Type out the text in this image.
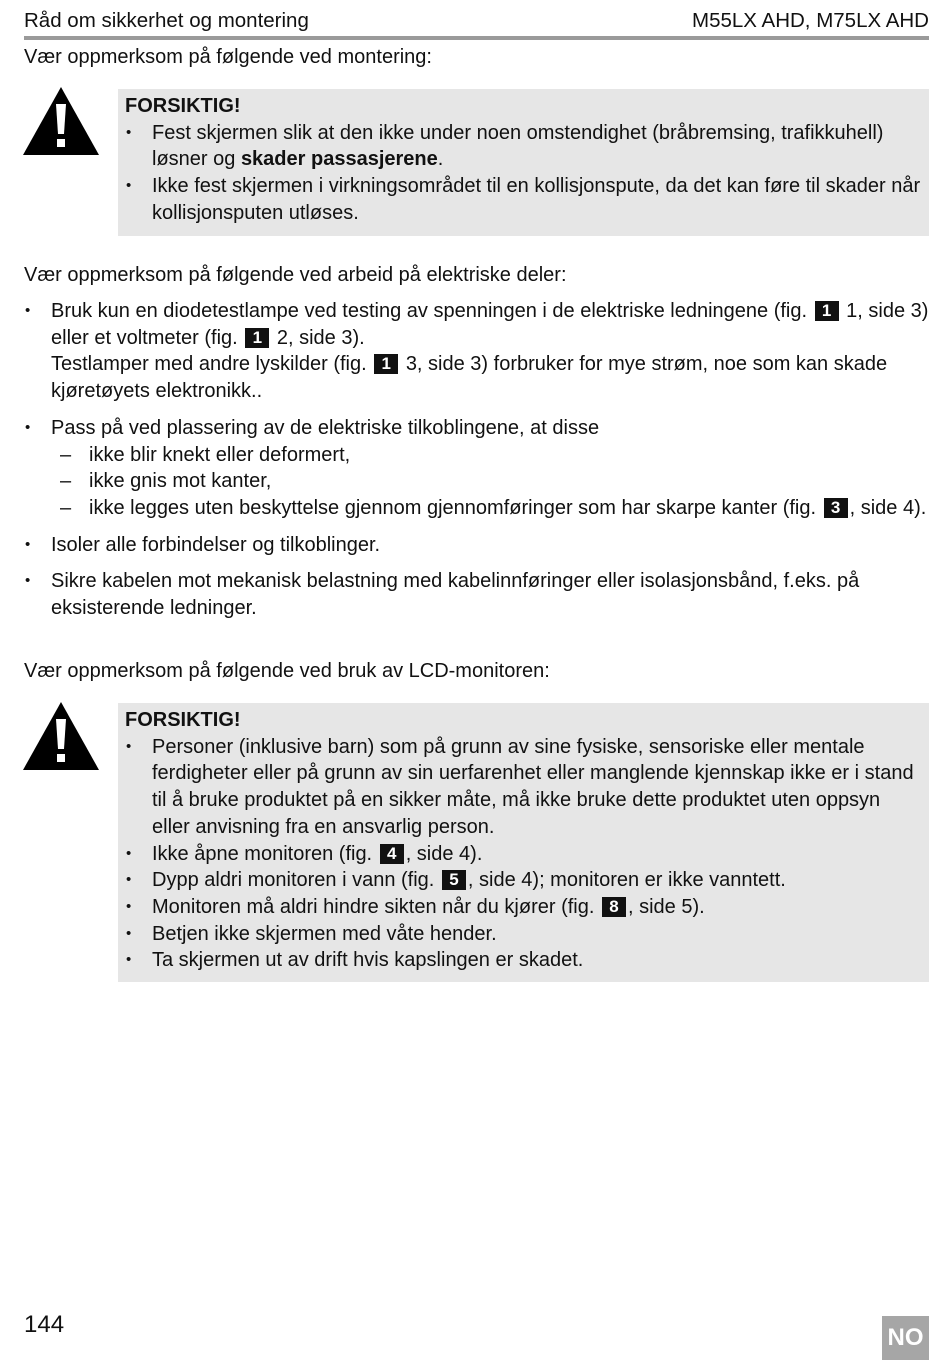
Råd om sikkerhet og montering	M55LX AHD, M75LX AHD
Vær oppmerksom på følgende ved montering:
FORSIKTIG!
• Fest skjermen slik at den ikke under noen omstendighet (bråbremsing, trafikkuhell) løsner og skader passasjerene.
• Ikke fest skjermen i virkningsområdet til en kollisjonspute, da det kan føre til skader når kollisjonsputen utløses.
Vær oppmerksom på følgende ved arbeid på elektriske deler:
• Bruk kun en diodetestlampe ved testing av spenningen i de elektriske ledningene (fig. 1 1, side 3) eller et voltmeter (fig. 1 2, side 3).
Testlamper med andre lyskilder (fig. 1 3, side 3) forbruker for mye strøm, noe som kan skade kjøretøyets elektronikk..
• Pass på ved plassering av de elektriske tilkoblingene, at disse
– ikke blir knekt eller deformert,
– ikke gnis mot kanter,
– ikke legges uten beskyttelse gjennom gjennomføringer som har skarpe kanter (fig. 3 , side 4).
• Isoler alle forbindelser og tilkoblinger.
• Sikre kabelen mot mekanisk belastning med kabelinnføringer eller isolasjonsbånd, f.eks. på eksisterende ledninger.
Vær oppmerksom på følgende ved bruk av LCD-monitoren:
FORSIKTIG!
• Personer (inklusive barn) som på grunn av sine fysiske, sensoriske eller mentale ferdigheter eller på grunn av sin uerfarenhet eller manglende kjennskap ikke er i stand til å bruke produktet på en sikker måte, må ikke bruke dette produktet uten oppsyn eller anvisning fra en ansvarlig person.
• Ikke åpne monitoren (fig. 4 , side 4).
• Dypp aldri monitoren i vann (fig. 5 , side 4); monitoren er ikke vanntett.
• Monitoren må aldri hindre sikten når du kjører (fig. 8 , side 5).
• Betjen ikke skjermen med våte hender.
• Ta skjermen ut av drift hvis kapslingen er skadet.
144	NO
